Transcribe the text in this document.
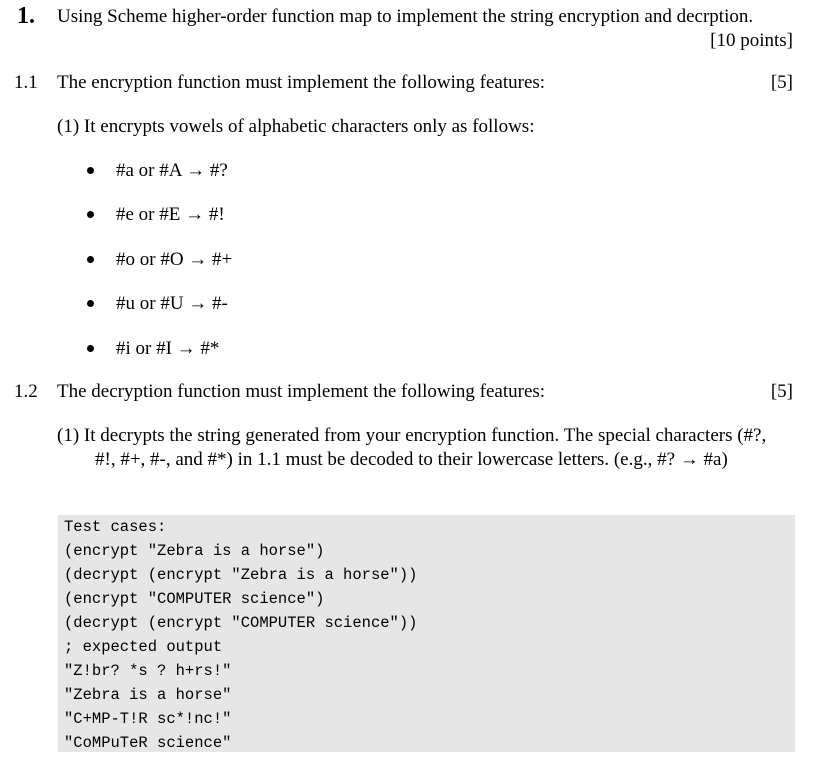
1. Using Scheme higher-order function map to implement the string encryption and decrption.
[10 points]
1.1 The encryption function must implement the following features:	[5]
(1) It encrypts vowels of alphabetic characters only as follows:
#a or #A → #?
#e or #E → #!
#o or #O → #+
#u or #U → #-
#i or #I → #*
1.2 The decryption function must implement the following features:	[5]
(1) It decrypts the string generated from your encryption function. The special characters (#?,
#!, #+, #-, and #*) in 1.1 must be decoded to their lowercase letters. (e.g., #? → #a)
Test cases:
(encrypt "Zebra is a horse")
(decrypt (encrypt "Zebra is a horse"))
(encrypt "COMPUTER science")
(decrypt (encrypt "COMPUTER science"))
; expected output
"Z!br? *s ? h+rs!"
"Zebra is a horse"
"C+MP-T!R sc*!nc!"
"CoMPuTeR science"
